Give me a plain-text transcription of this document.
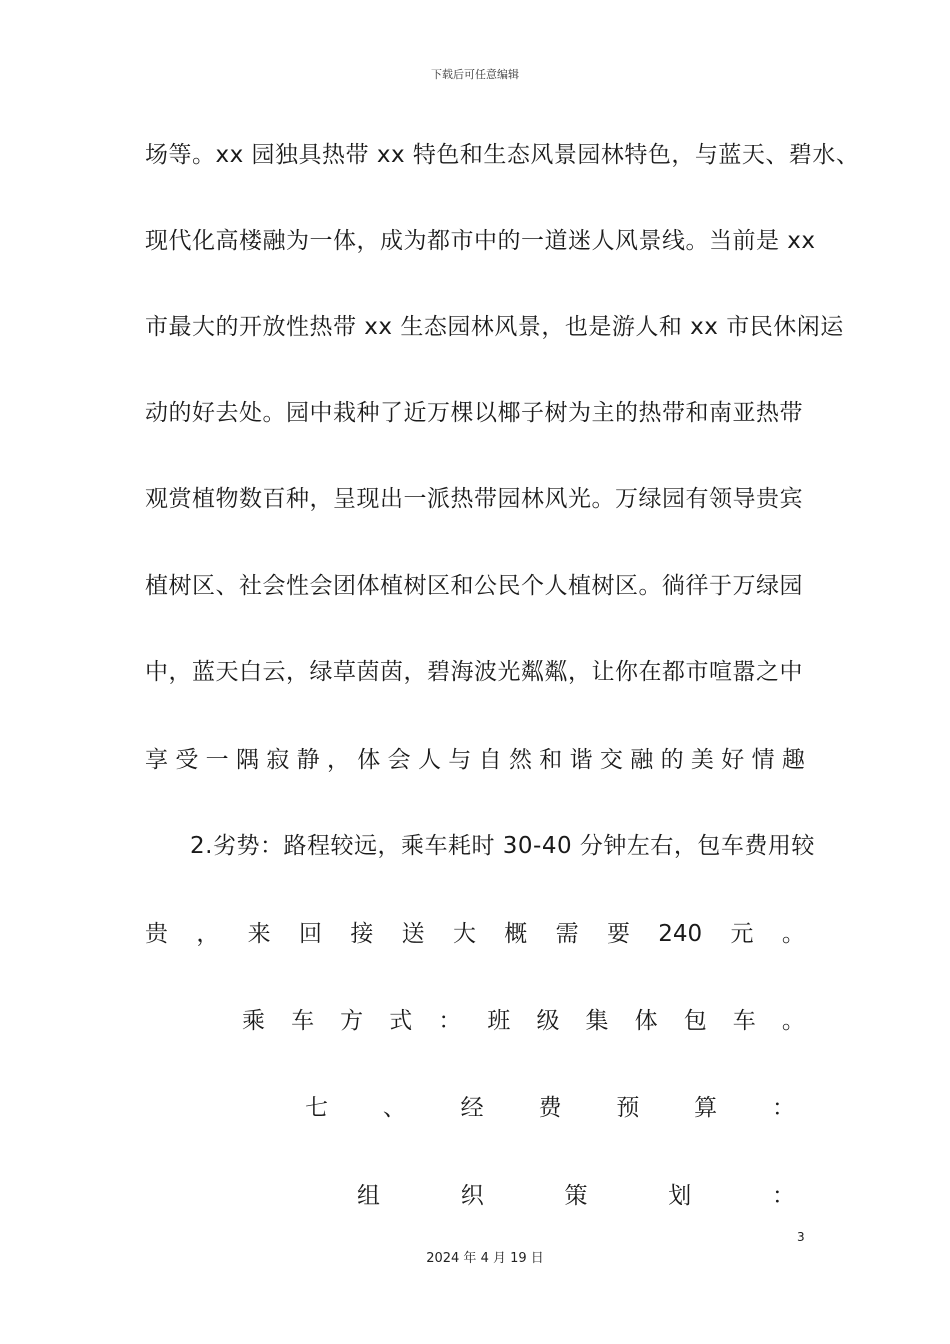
下载后可任意编辑
场等。xx 园独具热带 xx 特色和生态风景园林特色，与蓝天、碧水、
现代化高楼融为一体，成为都市中的一道迷人风景线。当前是 xx
市最大的开放性热带 xx 生态园林风景，也是游人和 xx 市民休闲运
动的好去处。园中栽种了近万棵以椰子树为主的热带和南亚热带
观赏植物数百种，呈现出一派热带园林风光。万绿园有领导贵宾
植树区、社会性会团体植树区和公民个人植树区。徜徉于万绿园
中，蓝天白云，绿草茵茵，碧海波光粼粼，让你在都市喧嚣之中
享 受 一 隅 寂 静 ， 体 会 人 与 自 然 和 谐 交 融 的 美 好 情 趣
2.劣势：路程较远，乘车耗时 30-40 分钟左右，包车费用较
贵 ， 来 回 接 送 大 概 需 要 240 元 。
乘 车 方 式 ： 班 级 集 体 包 车 。
七 、 经 费 预 算 ：
组	织	策	划	：
3
2024 年 4 月 19 日
